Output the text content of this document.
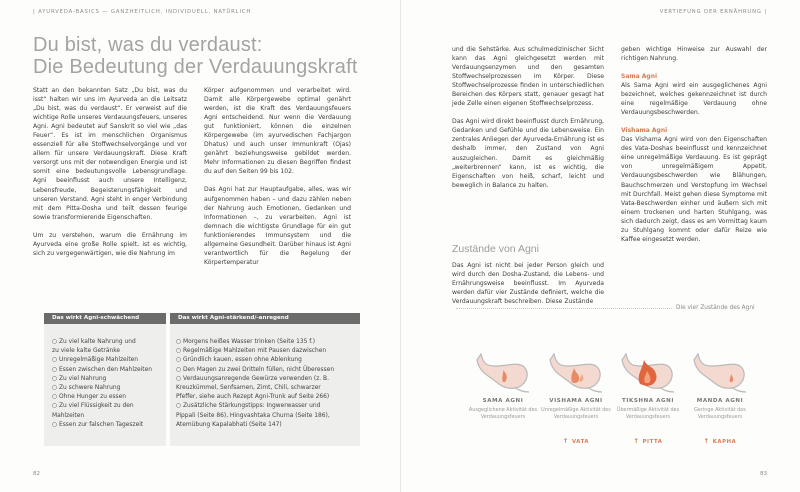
| AYURVEDA-BASICS — GANZHEITLICH, INDIVIDUELL, NATÜRLICH
Du bist, was du verdaust:
Die Bedeutung der Verdauungskraft

Statt an den bekannten Satz „Du bist, was du isst“ halten wir uns im Ayurveda an die Leitsatz „Du bist, was du verdaust“. Er verweist auf die wichtige Rolle unseres Verdauungsfeuers, unseres Agni. Agni bedeutet auf Sanskrit so viel wie „das Feuer“. Es ist im menschlichen Organismus essenziell für alle Stoffwechselvorgänge und vor allem für unsere Verdauungskraft. Diese Kraft versorgt uns mit der notwendigen Energie und ist somit eine bedeutungsvolle Lebensgrundlage. Agni beeinflusst auch unsere Intelligenz, Lebensfreude, Begeisterungsfähigkeit und unseren Verstand. Agni steht in enger Verbindung mit dem Pitta-Dosha und teilt dessen feurige sowie transformierende Eigenschaften.

Um zu verstehen, warum die Ernährung im Ayurveda eine große Rolle spielt, ist es wichtig, sich zu vergegenwärtigen, wie die Nahrung im

Körper aufgenommen und verarbeitet wird. Damit alle Körpergewebe optimal genährt werden, ist die Kraft des Verdauungsfeuers Agni entscheidend. Nur wenn die Verdauung gut funktioniert, können die einzelnen Körpergewebe (im ayurvedischen Fachjargon Dhatus) und auch unser Immunkraft (Ojas) genährt beziehungsweise gebildet werden. Mehr Informationen zu diesen Begriffen findest du auf den Seiten 99 bis 102.

Das Agni hat zur Hauptaufgabe, alles, was wir aufgenommen haben – und dazu zählen neben der Nahrung auch Emotionen, Gedanken und Informationen –, zu verarbeiten. Agni ist demnach die wichtigste Grundlage für ein gut funktionierendes Immunsystem und die allgemeine Gesundheit. Darüber hinaus ist Agni verantwortlich für die Regelung der Körpertemperatur

Das wirkt Agni-schwächend	Das wirkt Agni-stärkend/-anregend
○ Zu viel kalte Nahrung und
zu viele kalte Getränke
○ Unregelmäßige Mahlzeiten
○ Essen zwischen den Mahlzeiten
○ Zu viel Nahrung
○ Zu schwere Nahrung
○ Ohne Hunger zu essen
○ Zu viel Flüssigkeit zu den
Mahlzeiten
○ Essen zur falschen Tageszeit
○ Morgens heißes Wasser trinken (Seite 135 f.)
○ Regelmäßige Mahlzeiten mit Pausen dazwischen
○ Gründlich kauen, essen ohne Ablenkung
○ Den Magen zu zwei Dritteln füllen, nicht Überessen
○ Verdauungsanregende Gewürze verwenden (z. B.
Kreuzkümmel, Senfsamen, Zimt, Chili, schwarzer
Pfeffer, siehe auch Rezept Agni-Trunk auf Seite 266)
○ Zusätzliche Stärkungstipps: Ingwerwasser und
Pippali (Seite 86), Hingvashtaka Churna (Seite 186),
Atemübung Kapalabhati (Seite 147)
82
VERTIEFUNG DER ERNÄHRUNG |
83

und die Sehstärke. Aus schulmedizinischer Sicht kann das Agni gleichgesetzt werden mit Verdauungsenzymen und den gesamten Stoffwechselprozessen im Körper. Diese Stoffwechselprozesse finden in unterschiedlichen Bereichen des Körpers statt, genauer gesagt hat jede Zelle einen eigenen Stoffwechselprozess.

Das Agni wird direkt beeinflusst durch Ernährung, Gedanken und Gefühle und die Lebensweise. Ein zentrales Anliegen der Ayurveda-Ernährung ist es deshalb immer, den Zustand von Agni auszugleichen. Damit es gleichmäßig „weiterbrennen“ kann, ist es wichtig, die Eigenschaften von heiß, scharf, leicht und beweglich in Balance zu halten.

Zustände von Agni

Das Agni ist nicht bei jeder Person gleich und wird durch den Dosha-Zustand, die Lebens- und Ernährungsweise beeinflusst. Im Ayurveda werden dafür vier Zustände definiert, welche die Verdauungskraft beschreiben. Diese Zustände

geben wichtige Hinweise zur Auswahl der richtigen Nahrung.

Sama Agni

Als Sama Agni wird ein ausgeglichenes Agni bezeichnet, welches gekennzeichnet ist durch eine regelmäßige Verdauung ohne Verdauungsbeschwerden.

Vishama Agni

Das Vishama Agni wird von den Eigenschaften des Vata-Doshas beeinflusst und kennzeichnet eine unregelmäßige Verdauung. Es ist geprägt von unregelmäßigem Appetit, Verdauungsbeschwerden wie Blähungen, Bauchschmerzen und Verstopfung im Wechsel mit Durchfall. Meist gehen diese Symptome mit Vata-Beschwerden einher und äußern sich mit einem trockenen und harten Stuhlgang, was sich dadurch zeigt, dass es am Vormittag kaum zu Stuhlgang kommt oder dafür Reize wie Kaffee eingesetzt werden.

Die vier Zustände des Agni
SAMA AGNI
Ausgeglichene Aktivität des Verdauungsfeuers
VISHAMA AGNI
Unregelmäßige Aktivität des Verdauungsfeuers
↑ VATA
TIKSHNA AGNI
Übermäßige Aktivität des Verdauungsfeuers
↑ PITTA
MANDA AGNI
Geringe Aktivität des Verdauungsfeuers
↑ KAPHA
